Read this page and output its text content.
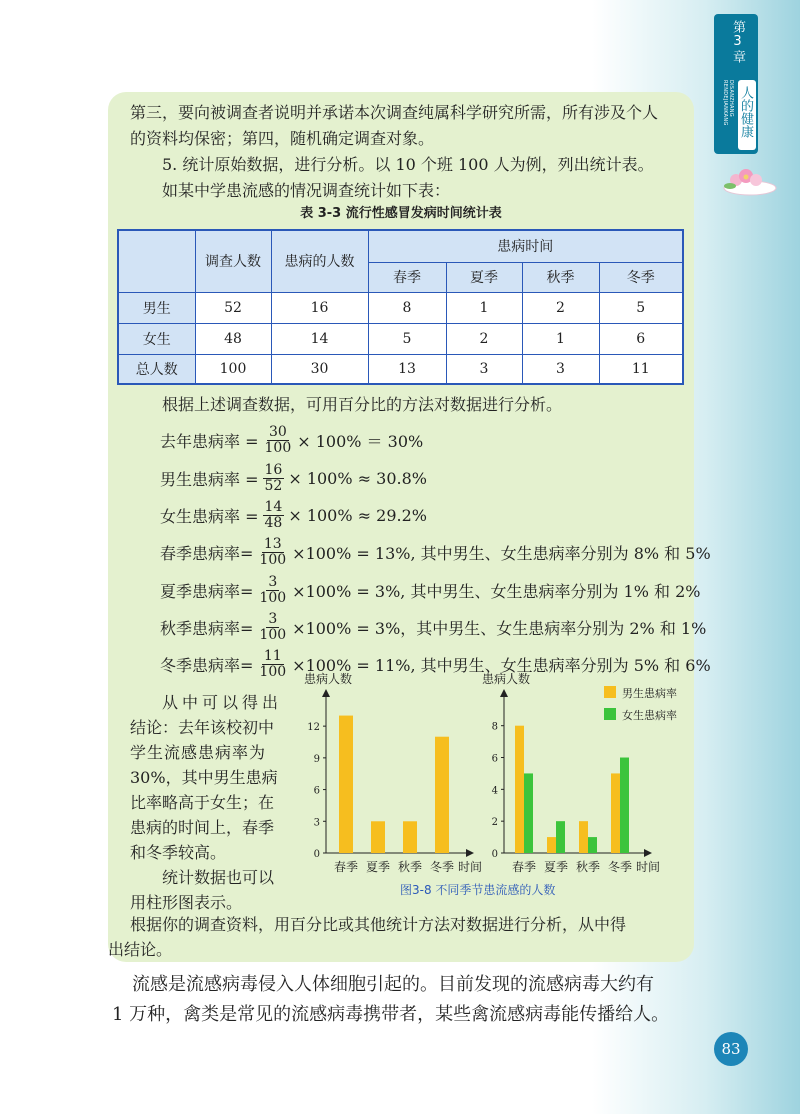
第3章
DISANZHANG RENDEJIANKANG 人的健康
第三，要向被调查者说明并承诺本次调查纯属科学研究所需，所有涉及个人
的资料均保密；第四，随机确定调查对象。
5. 统计原始数据，进行分析。以 10 个班 100 人为例，列出统计表。
如某中学患流感的情况调查统计如下表：
表 3-3 流行性感冒发病时间统计表
	调查人数	患病的人数	患病时间			
			春季	夏季	秋季	冬季
男生	52	16	8	1	2	5
女生	48	14	5	2	1	6
总人数	100	30	13	3	3	11
根据上述调查数据，可用百分比的方法对数据进行分析。
去年患病率 = $\frac{30}{100} \times 100\% = 30\%$
男生患病率 = $\frac{16}{52} \times 100\% \approx 30.8\%$
女生患病率 = $\frac{14}{48} \times 100\% \approx 29.2\%$
春季患病率= $\frac{13}{100} \times 100\% = 13\%$, 其中男生、女生患病率分别为 8% 和 5%
夏季患病率= $\frac{3}{100} \times 100\% = 3\%$, 其中男生、女生患病率分别为 1% 和 2%
秋季患病率= $\frac{3}{100} \times 100\% = 3\%$，其中男生、女生患病率分别为 2% 和 1%
冬季患病率= $\frac{11}{100} \times 100\% = 11\%$, 其中男生、女生患病率分别为 5% 和 6%
从中可以得出
结论：去年该校初中
学生流感患病率为
30%，其中男生患病
比率略高于女生；在
患病的时间上，春季
和冬季较高。
统计数据也可以
用柱形图表示。
患病人数
时间
0
3
6
9
12
春季 夏季 秋季 冬季
患病人数
时间
0
2
4
6
8
春季 夏季 秋季 冬季
男生患病率
女生患病率
图3-8 不同季节患流感的人数
根据你的调查资料，用百分比或其他统计方法对数据进行分析，从中得
出结论。
流感是流感病毒侵入人体细胞引起的。目前发现的流感病毒大约有
1 万种，禽类是常见的流感病毒携带者，某些禽流感病毒能传播给人。
83
